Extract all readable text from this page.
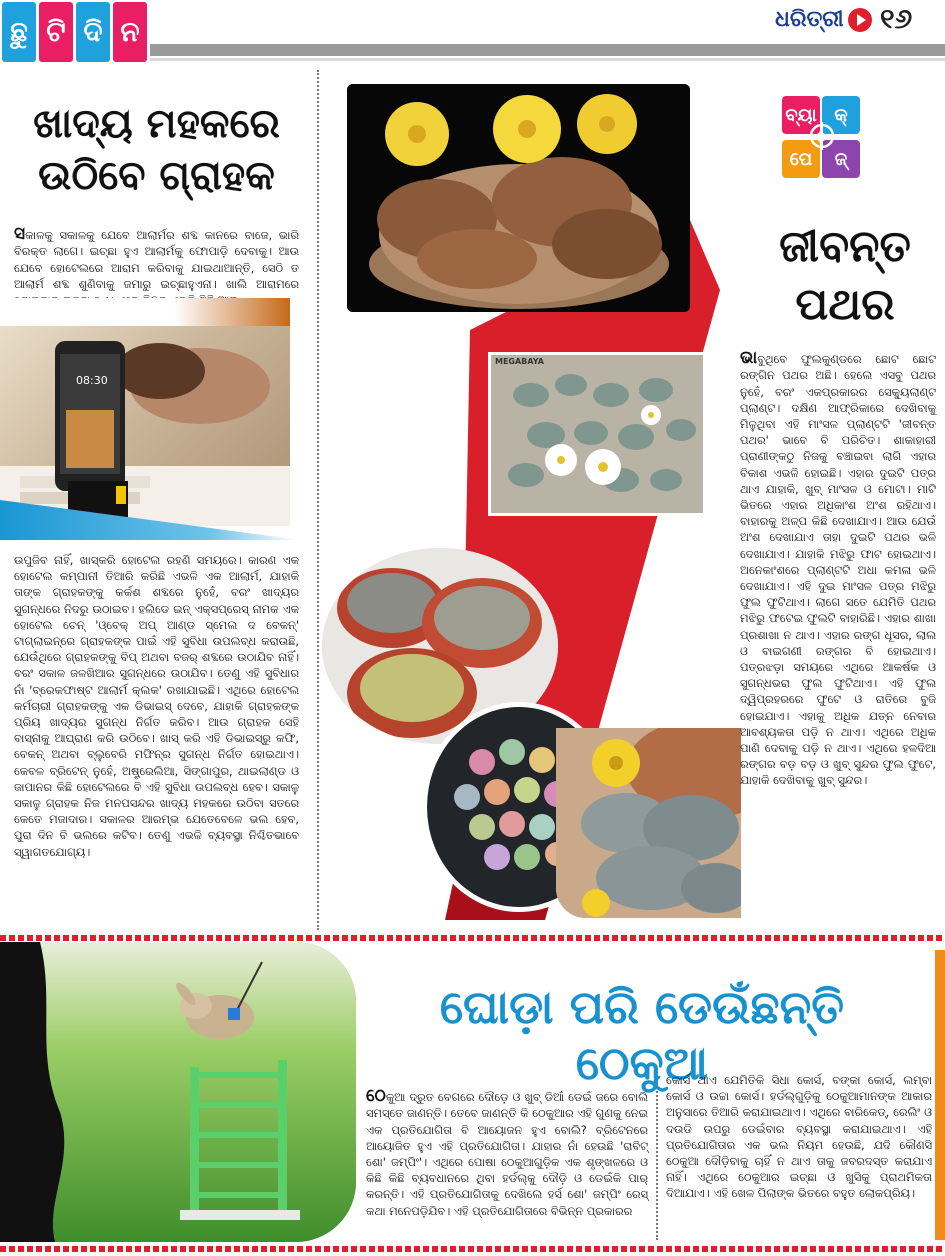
ଛୁ ଟି ଦି ନ	ଧରିତ୍ରୀ ୧୬
ଖାଦ୍ୟ ମହକରେ
ଉଠିବେ ଗ୍ରାହକ

ସକାଳକୁ ସକାଳକୁ ଯେବେ ଆଲାର୍ମର ଶବ୍ଦ କାନରେ ବାଜେ, ଭାରି ବିରକ୍ତ ଲାଗେ। ଇଚ୍ଛା ହୁଏ ଆଲାର୍ମକୁ ଫୋପାଡ଼ି ଦେବାକୁ। ଆଉ ଯେବେ ହୋଟେଲରେ ଆରାମ କରିବାକୁ ଯାଇଥାଆନ୍ତି, ସେଠି ତ ଆଲାର୍ମ ଶବ୍ଦ ଶୁଣିବାକୁ ଜମାରୁ ଇଚ୍ଛାହୁଏନା। ଖାଲି ଆରାମରେ

08:30
ଉପୁଜିବ ନାହିଁ, ଖାସ୍‌କରି ହୋଟେଲ ରହଣି ସମୟରେ। କାରଣ ଏକ ହୋଟେଲ କମ୍ପାନୀ ତିଆରି କରିଛି ଏଭଳି ଏକ ଆଲାର୍ମ, ଯାହାକି ତାଙ୍କ ଗ୍ରାହକଙ୍କୁ କର୍କଶ ଶବ୍ଦରେ ନୁହେଁ, ବରଂ ଖାଦ୍ୟର ସୁଗନ୍ଧରେ ନିଦରୁ ଉଠାଇବ। ହଲିଡେ ଇନ୍ ଏକ୍ସପ୍ରେସ୍ ନାମକ ଏକ ହୋଟେଲ ଚେନ୍ 'ଓ୍ବେକ୍ ଅପ୍ ଆଣ୍ଡ ସ୍ମେଲ ଦ ବେକନ୍' ଟାଗ୍‌ଲାଇନ୍‌ରେ ଗ୍ରାହକଙ୍କ ପାଇଁ ଏହି ସୁବିଧା ଉପଲବ୍ଧ କରାଉଛି, ଯେଉଁଥିରେ ଗ୍ରାହକଙ୍କୁ ବିପ୍ ଅଥବା ବଜର୍ ଶବ୍ଦରେ ଉଠାଯିବ ନାହିଁ। ବରଂ ସକାଳ ଜଳଖିଆର ସୁଗନ୍ଧରେ ଉଠାଯିବ। ତେଣୁ ଏହି ସୁବିଧାର ନାଁ 'ବ୍ରେକଫାଷ୍ଟ ଆଲାର୍ମ କ୍ଲକ' ରଖାଯାଇଛି। ଏଥିରେ ହୋଟେଲ କର୍ମଚାରୀ ଗ୍ରାହକଙ୍କୁ ଏକ ଡିଭାଇସ୍ ଦେବେ, ଯାହାକି ଗ୍ରାହକଙ୍କ ପ୍ରିୟ ଖାଦ୍ୟର ସୁଗନ୍ଧ ନିର୍ଗତ କରିବ। ଆଉ ଗ୍ରାହକ ସେହି ବାସ୍ନାକୁ ଆଘ୍ରାଣ କରି ଉଠିବେ। ଖାସ୍ କରି ଏହି ଡିଭାଇସ୍‌ରୁ କଫି, ବେକନ୍ ଅଥବା ବ୍ଲୁବେରି ମଫିନ୍‌ର ସୁଗନ୍ଧ ନିର୍ଗତ ହୋଇଥାଏ। କେବଳ ବ୍ରିଟେନ୍ ନୁହେଁ, ଅଷ୍ଟ୍ରେଲିଆ, ସିଙ୍ଗାପୁର, ଥାଇଲାଣ୍ଡ ଓ ଜାପାନର କିଛି ହୋଟେଲରେ ବି ଏହି ସୁବିଧା ଉପଲବ୍ଧ ହେବ। ସକାଳୁ ସକାଳୁ ଗ୍ରାହକ ନିଜ ମନପସନ୍ଦର ଖାଦ୍ୟ ମହକରେ ଉଠିବା ସତରେ କେତେ ମଜାଦାର। ସକାଳର ଆରମ୍ଭ ଯେତେବେଳେ ଭଲ ହେବ, ପୁରା ଦିନ ବି ଭଲରେ କଟିବ। ତେଣୁ ଏଭଳି ବ୍ୟବସ୍ଥା ନିଶ୍ଚିତଭାବେ ସ୍ୱାଗତଯୋଗ୍ୟ।
ବ୍ୟା କ୍
ପେ	ଜ୍
ଜୀବନ୍ତ
ପଥର
MEGABAYA	ଭାବୁଥିବେ ଫୁଲକୁଣ୍ଡରେ ଛୋଟ ଛୋଟ ରଙ୍ଗିନ ପଥର ଅଛି। ହେଲେ ଏସବୁ ପଥର ନୁହେଁ, ବରଂ ଏକପ୍ରକାରର ସେକ୍ୟୁଲାଣ୍ଟ ପ୍ଲାଣ୍ଟ। ଦକ୍ଷିଣ ଆଫ୍ରିକାରେ ଦେଖିବାକୁ ମିଳୁଥିବା ଏହି ମାଂସଳ ପ୍ଲାଣ୍ଟଟି 'ଜୀବନ୍ତ ପଥର' ଭାବେ ବି ପରିଚିତ। ଶାକାହାରୀ ପ୍ରାଣୀଙ୍କଠୁ ନିଜକୁ ବଞ୍ଚାଇବା ଲାଗି ଏହାର ବିକାଶ ଏଭଳି ହୋଇଛି। ଏହାର ଦୁଇଟି ପତ୍ର ଥାଏ ଯାହାକି, ଖୁବ୍ ମାଂସଳ ଓ ମୋଟା। ମାଟି ଭିତରେ ଏହାର ଅଧିକାଂଶ ଅଂଶ ରହିଥାଏ। ବାହାରକୁ ଅଳ୍ପ କିଛି ଦେଖାଯାଏ। ଆଉ ଯେଉଁ ଅଂଶ ଦେଖାଯାଏ ତାହା ଦୁଇଟି ପଥର ଭଳି ଦେଖାଯାଏ। ଯାହାକି ମଝିରୁ ଫାଟ ହୋଇଥାଏ। ଅନେକାଂଶରେ ପ୍ଲାଣ୍ଟଟି ଅଧା କମଳା ଭଳି ଦେଖାଯାଏ। ଏହି ଦୁଇ ମାଂସଳ ପତ୍ର ମଝିରୁ ଫୁଲ ଫୁଟିଥାଏ। ଲାଗେ ସତେ ଯେମିତି ପଥର ମଝିରୁ ଫଟେଇ ଫୁଲଟି ବାହାରିଛି। ଏହାର ଶାଖା ପ୍ରଶାଖା ନ ଥାଏ। ଏହାର ରଙ୍ଗ ଧୂସର, ଲାଲ ଓ ବାଇଗଣୀ ରଙ୍ଗର ବି ହୋଇଥାଏ। ପତ୍ରଝଡ଼ା ସମୟରେ ଏଥିରେ ଆକର୍ଷକ ଓ ସୁଗନ୍ଧଭରା ଫୁଲ ଫୁଟିଥାଏ। ଏହି ଫୁଲ ଦ୍ୱିପ୍ରହରରେ ଫୁଟେ ଓ ରାତିରେ ବୁଜି ହୋଇଯାଏ। ଏହାକୁ ଅଧିକ ଯତ୍ନ ନେବାର ଆବଶ୍ୟକତା ପଡ଼ି ନ ଥାଏ। ଏଥିରେ ଅଧିକ ପାଣି ଦେବାକୁ ପଡ଼ି ନ ଥାଏ। ଏଥିରେ ହଳଦିଆ ରଙ୍ଗର ବଡ଼ ବଡ଼ ଓ ଖୁବ୍ ସୁନ୍ଦର ଫୁଲ ଫୁଟେ, ଯାହାକି ଦେଖିବାକୁ ଖୁବ୍ ସୁନ୍ଦର।

ଘୋଡ଼ା ପରି ଡେଉଁଛନ୍ତି ଠେକୁଆ

ଠେକୁଆ ଦ୍ରୁତ ବେଗରେ ଦୌଡ଼େ ଓ ଖୁବ୍ ଡିଆଁ ଡେଇଁ ଜରେ ବୋଲି ସମସ୍ତେ ଜାଣନ୍ତି। ତେବେ ଜାଣନ୍ତି କି ଠେକୁଆର ଏହି ଗୁଣକୁ ନେଇ ଏକ ପ୍ରତିଯୋଗିତା ବି ଆୟୋଜନ ହୁଏ ବୋଲି? ବ୍ରିଟେନରେ ଆୟୋଜିତ ହୁଏ ଏହି ପ୍ରତିଯୋଗିତା। ଯାହାର ନାଁ ହେଉଛି 'ରାବିଟ୍ ଶୋ' ଜମ୍ପିଂ'। ଏଥିରେ ପୋଷା ଠେକୁଆଗୁଡ଼ିକ ଏକ ଶୃଙ୍ଖଳରେ ଓ କିଛି କିଛି ବ୍ୟବଧାନରେ ଥିବା ହର୍ଡଲ୍‌କୁ ଦୌଡ଼ି ଓ ଡେଇଁକି ପାର୍ କରନ୍ତି। ଏହି ପ୍ରତିଯୋଗିତାକୁ ଦେଖିଲେ ହର୍ସ ଶୋ' ଜମ୍ପିଂ ରେସ୍ କଥା ମନେପଡ଼ିଯିବ। ଏହି ପ୍ରତିଯୋଗିତାରେ ବିଭିନ୍ନ ପ୍ରକାରର

କୋର୍ସ ଥାଏ ଯେମିତିକି ସିଧା କୋର୍ସ, ବଙ୍କା କୋର୍ସ, ଲମ୍ବା କୋର୍ସ ଓ ଉଚ୍ଚା କୋର୍ସ। ହର୍ଡଲ୍‌ଗୁଡ଼ିକୁ ଠେକୁଆମାନଙ୍କ ଆକାର ଅନୁସାରେ ତିଆରି କରାଯାଇଥାଏ। ଏଥିରେ ବାରିକେଡ୍, ରେଲିଂ ଓ ଦଉଡି ଉପରୁ ଡେଇଁବାର ବ୍ୟବସ୍ଥା କରାଯାଇଥାଏ। ଏହି ପ୍ରତିଯୋଗିତାର ଏକ ଭଲ ନିୟମ ହେଉଛି, ଯଦି କୌଣସି ଠେକୁଆ ଦୌଡ଼ିବାକୁ ଚାହିଁ ନ ଥାଏ ତାକୁ ଜବରଦସ୍ତ କରାଯାଏ ନାହିଁ। ଏଥିରେ ଠେକୁଆର ଇଚ୍ଛା ଓ ଖୁସିକୁ ପ୍ରାଥମିକତା ଦିଆଯାଏ। ଏହି ଖେଳ ପିଲାଙ୍କ ଭିତରେ ବହୁତ ଲୋକପ୍ରିୟ।
